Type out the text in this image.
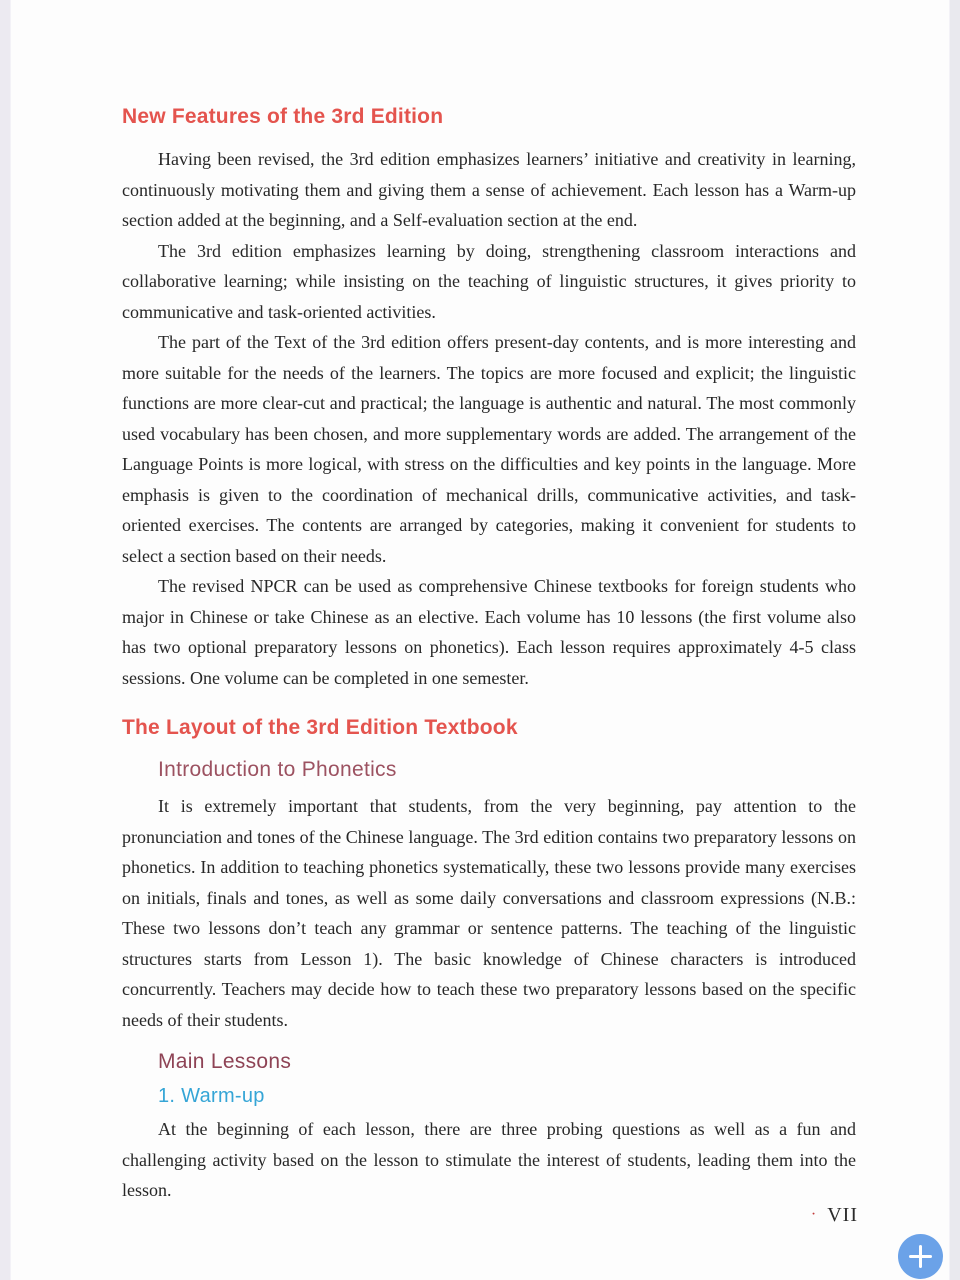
New Features of the 3rd Edition

Having been revised, the 3rd edition emphasizes learners’ initiative and creativity in learning, continuously motivating them and giving them a sense of achievement. Each lesson has a Warm-up section added at the beginning, and a Self-evaluation section at the end.

The 3rd edition emphasizes learning by doing, strengthening classroom interactions and collaborative learning; while insisting on the teaching of linguistic structures, it gives priority to communicative and task-oriented activities.

The part of the Text of the 3rd edition offers present-day contents, and is more interesting and more suitable for the needs of the learners. The topics are more focused and explicit; the linguistic functions are more clear-cut and practical; the language is authentic and natural. The most commonly used vocabulary has been chosen, and more supplementary words are added. The arrangement of the Language Points is more logical, with stress on the difficulties and key points in the language. More emphasis is given to the coordination of mechanical drills, communicative activities, and task-oriented exercises. The contents are arranged by categories, making it convenient for students to select a section based on their needs.

The revised NPCR can be used as comprehensive Chinese textbooks for foreign students who major in Chinese or take Chinese as an elective. Each volume has 10 lessons (the first volume also has two optional preparatory lessons on phonetics). Each lesson requires approximately 4-5 class sessions. One volume can be completed in one semester.

The Layout of the 3rd Edition Textbook
Introduction to Phonetics

It is extremely important that students, from the very beginning, pay attention to the pronunciation and tones of the Chinese language. The 3rd edition contains two preparatory lessons on phonetics. In addition to teaching phonetics systematically, these two lessons provide many exercises on initials, finals and tones, as well as some daily conversations and classroom expressions (N.B.: These two lessons don’t teach any grammar or sentence patterns. The teaching of the linguistic structures starts from Lesson 1). The basic knowledge of Chinese characters is introduced concurrently. Teachers may decide how to teach these two preparatory lessons based on the specific needs of their students.

Main Lessons
1. Warm-up

At the beginning of each lesson, there are three probing questions as well as a fun and challenging activity based on the lesson to stimulate the interest of students, leading them into the lesson.

· VII
